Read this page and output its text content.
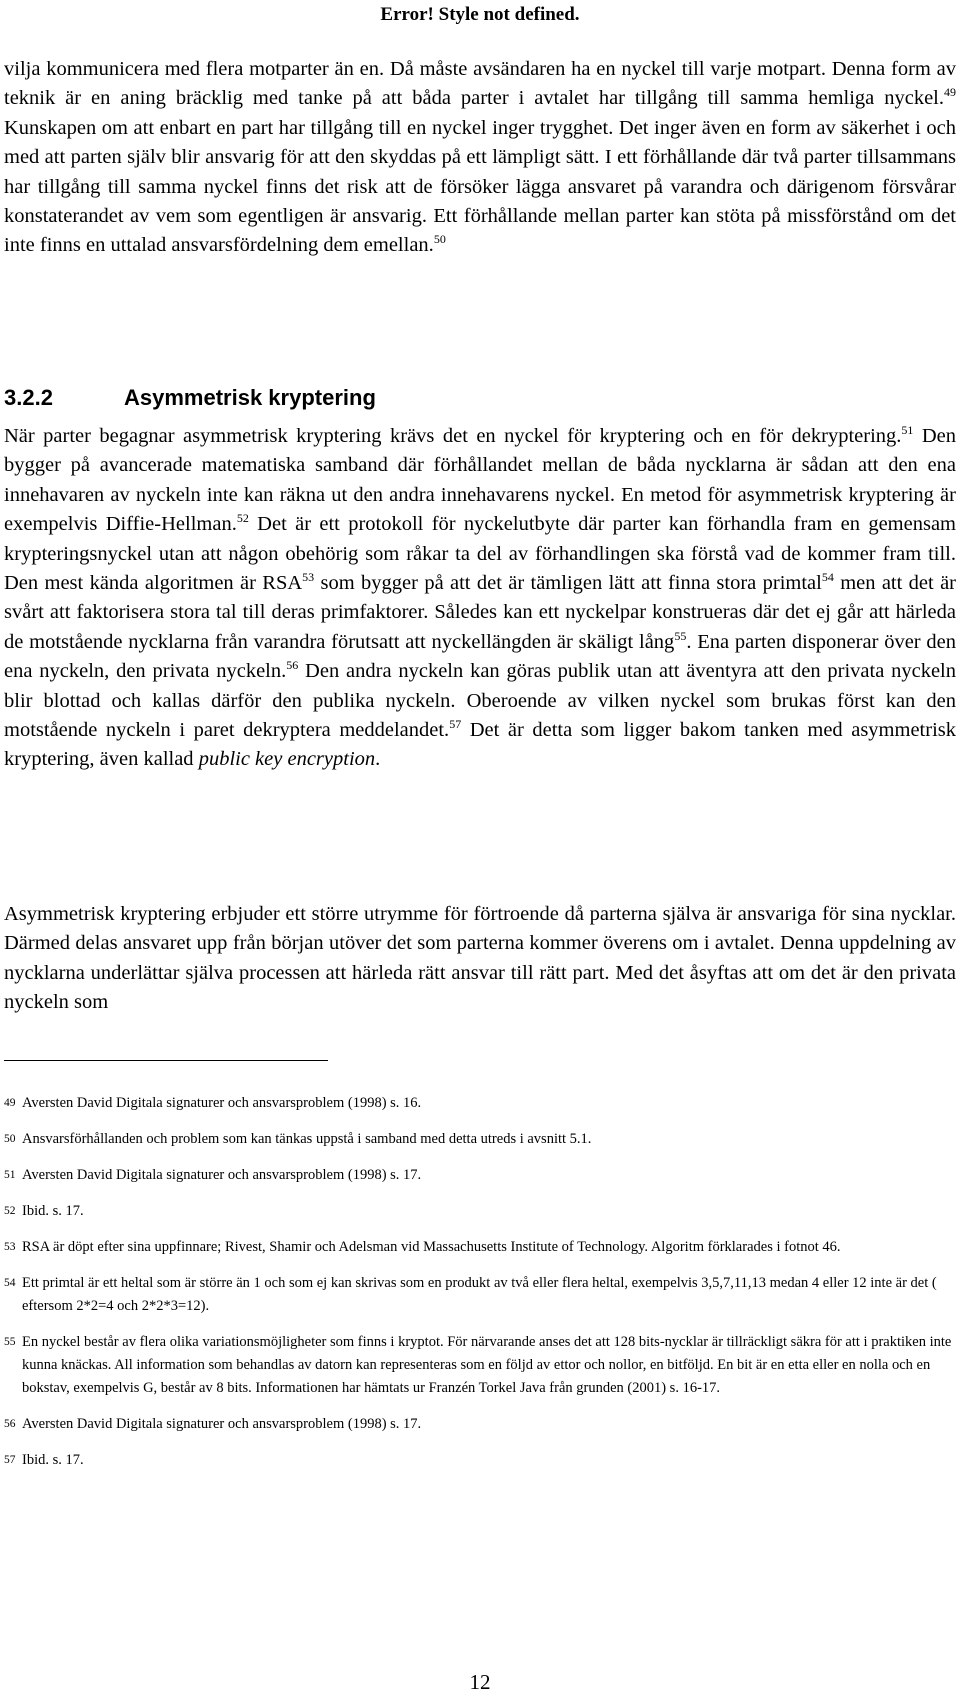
Error! Style not defined.

vilja kommunicera med flera motparter än en. Då måste avsändaren ha en nyckel till varje motpart. Denna form av teknik är en aning bräcklig med tanke på att båda parter i avtalet har tillgång till samma hemliga nyckel.$^{49}$ Kunskapen om att enbart en part har tillgång till en nyckel inger trygghet. Det inger även en form av säkerhet i och med att parten själv blir ansvarig för att den skyddas på ett lämpligt sätt. I ett förhållande där två parter tillsammans har tillgång till samma nyckel finns det risk att de försöker lägga ansvaret på varandra och därigenom försvårar konstaterandet av vem som egentligen är ansvarig. Ett förhållande mellan parter kan stöta på missförstånd om det inte finns en uttalad ansvarsfördelning dem emellan.$^{50}$

3.2.2	Asymmetrisk kryptering

När parter begagnar asymmetrisk kryptering krävs det en nyckel för kryptering och en för dekryptering.$^{51}$ Den bygger på avancerade matematiska samband där förhållandet mellan de båda nycklarna är sådan att den ena innehavaren av nyckeln inte kan räkna ut den andra innehavarens nyckel. En metod för asymmetrisk kryptering är exempelvis Diffie-Hellman.$^{52}$ Det är ett protokoll för nyckelutbyte där parter kan förhandla fram en gemensam krypteringsnyckel utan att någon obehörig som råkar ta del av förhandlingen ska förstå vad de kommer fram till. Den mest kända algoritmen är RSA$^{53}$ som bygger på att det är tämligen lätt att finna stora primtal$^{54}$ men att det är svårt att faktorisera stora tal till deras primfaktorer. Således kan ett nyckelpar konstrueras där det ej går att härleda de motstående nycklarna från varandra förutsatt att nyckellängden är skäligt lång$^{55}$. Ena parten disponerar över den ena nyckeln, den privata nyckeln.$^{56}$ Den andra nyckeln kan göras publik utan att äventyra att den privata nyckeln blir blottad och kallas därför den publika nyckeln. Oberoende av vilken nyckel som brukas först kan den motstående nyckeln i paret dekryptera meddelandet.$^{57}$ Det är detta som ligger bakom tanken med asymmetrisk kryptering, även kallad public key encryption.

Asymmetrisk kryptering erbjuder ett större utrymme för förtroende då parterna själva är ansvariga för sina nycklar. Därmed delas ansvaret upp från början utöver det som parterna kommer överens om i avtalet. Denna uppdelning av nycklarna underlättar själva processen att härleda rätt ansvar till rätt part. Med det åsyftas att om det är den privata nyckeln som

49 Aversten David Digitala signaturer och ansvarsproblem (1998) s. 16.
50 Ansvarsförhållanden och problem som kan tänkas uppstå i samband med detta utreds i avsnitt 5.1.
51 Aversten David Digitala signaturer och ansvarsproblem (1998) s. 17.
52 Ibid. s. 17.
53 RSA är döpt efter sina uppfinnare; Rivest, Shamir och Adelsman vid Massachusetts Institute of Technology. Algoritm förklarades i fotnot 46.
54 Ett primtal är ett heltal som är större än 1 och som ej kan skrivas som en produkt av två eller flera heltal, exempelvis 3,5,7,11,13 medan 4 eller 12 inte är det ( eftersom 2*2=4 och 2*2*3=12).
55 En nyckel består av flera olika variationsmöjligheter som finns i kryptot. För närvarande anses det att 128 bits-nycklar är tillräckligt säkra för att i praktiken inte kunna knäckas. All information som behandlas av datorn kan representeras som en följd av ettor och nollor, en bitföljd. En bit är en etta eller en nolla och en bokstav, exempelvis G, består av 8 bits. Informationen har hämtats ur Franzén Torkel Java från grunden (2001) s. 16-17.
56 Aversten David Digitala signaturer och ansvarsproblem (1998) s. 17.
57 Ibid. s. 17.
12
